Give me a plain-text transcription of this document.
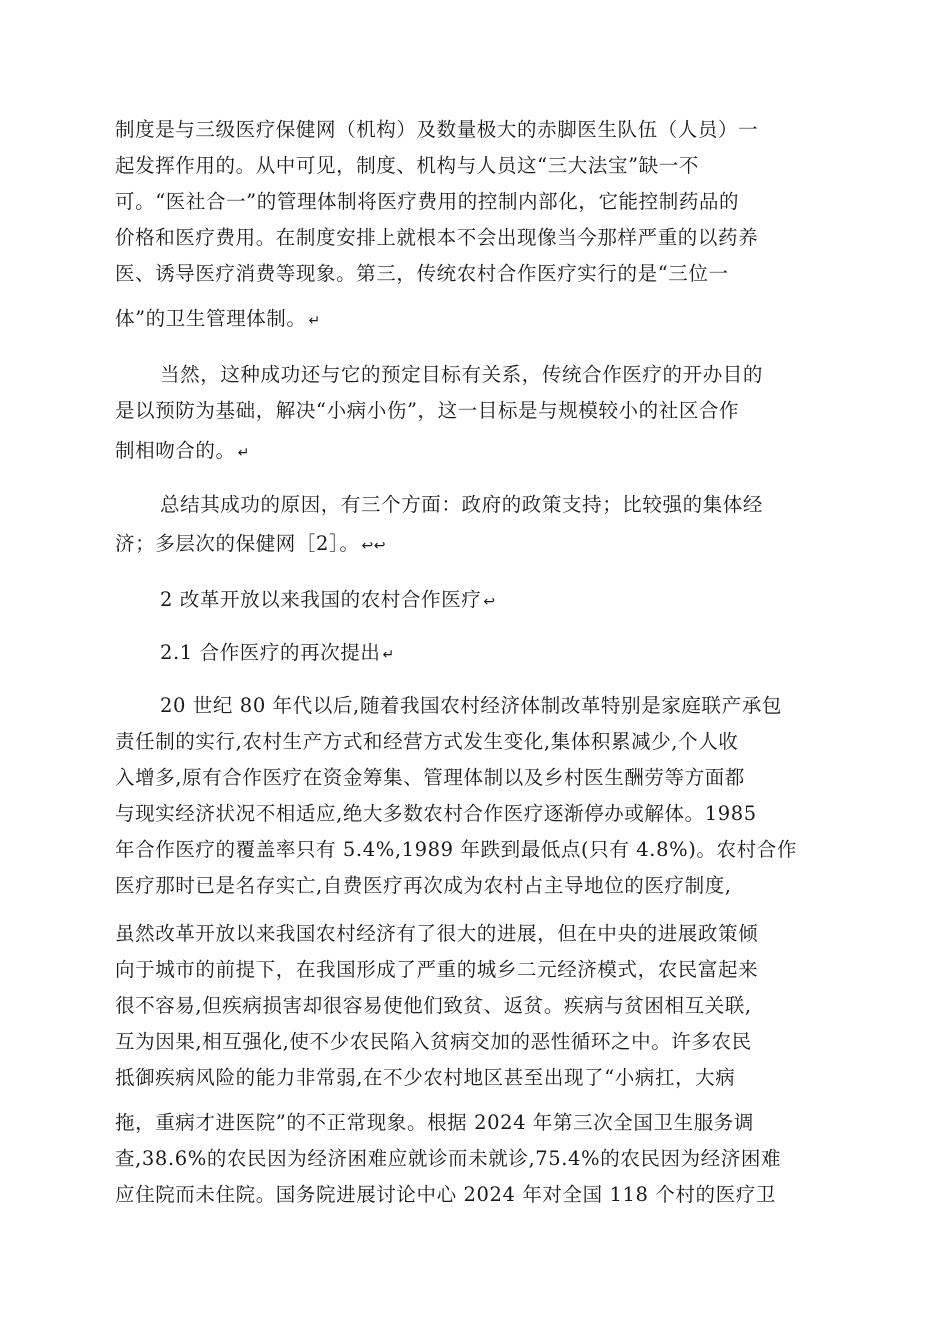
制度是与三级医疗保健网（机构）及数量极大的赤脚医生队伍（人员）一
起发挥作用的。从中可见，制度、机构与人员这“三大法宝”缺一不
可。“医社合一”的管理体制将医疗费用的控制内部化，它能控制药品的
价格和医疗费用。在制度安排上就根本不会出现像当今那样严重的以药养
医、诱导医疗消费等现象。第三，传统农村合作医疗实行的是“三位一
体”的卫生管理体制。 ↵
当然，这种成功还与它的预定目标有关系，传统合作医疗的开办目的
是以预防为基础，解决“小病小伤”，这一目标是与规模较小的社区合作
制相吻合的。 ↵
总结其成功的原因，有三个方面：政府的政策支持；比较强的集体经
济；多层次的保健网［2］。 ↩↩
2 改革开放以来我国的农村合作医疗 ↩
2.1 合作医疗的再次提出 ↵
20 世纪 80 年代以后,随着我国农村经济体制改革特别是家庭联产承包
责任制的实行,农村生产方式和经营方式发生变化,集体积累减少,个人收
入增多,原有合作医疗在资金筹集、管理体制以及乡村医生酬劳等方面都
与现实经济状况不相适应,绝大多数农村合作医疗逐渐停办或解体。1985
年合作医疗的覆盖率只有 5.4%,1989 年跌到最低点(只有 4.8%)。农村合作
医疗那时已是名存实亡,自费医疗再次成为农村占主导地位的医疗制度,
虽然改革开放以来我国农村经济有了很大的进展，但在中央的进展政策倾
向于城市的前提下，在我国形成了严重的城乡二元经济模式，农民富起来
很不容易,但疾病损害却很容易使他们致贫、返贫。疾病与贫困相互关联,
互为因果,相互强化,使不少农民陷入贫病交加的恶性循环之中。许多农民
抵御疾病风险的能力非常弱,在不少农村地区甚至出现了“小病扛，大病
拖，重病才进医院”的不正常现象。根据 2024 年第三次全国卫生服务调
查,38.6%的农民因为经济困难应就诊而未就诊,75.4%的农民因为经济困难
应住院而未住院。国务院进展讨论中心 2024 年对全国 118 个村的医疗卫
